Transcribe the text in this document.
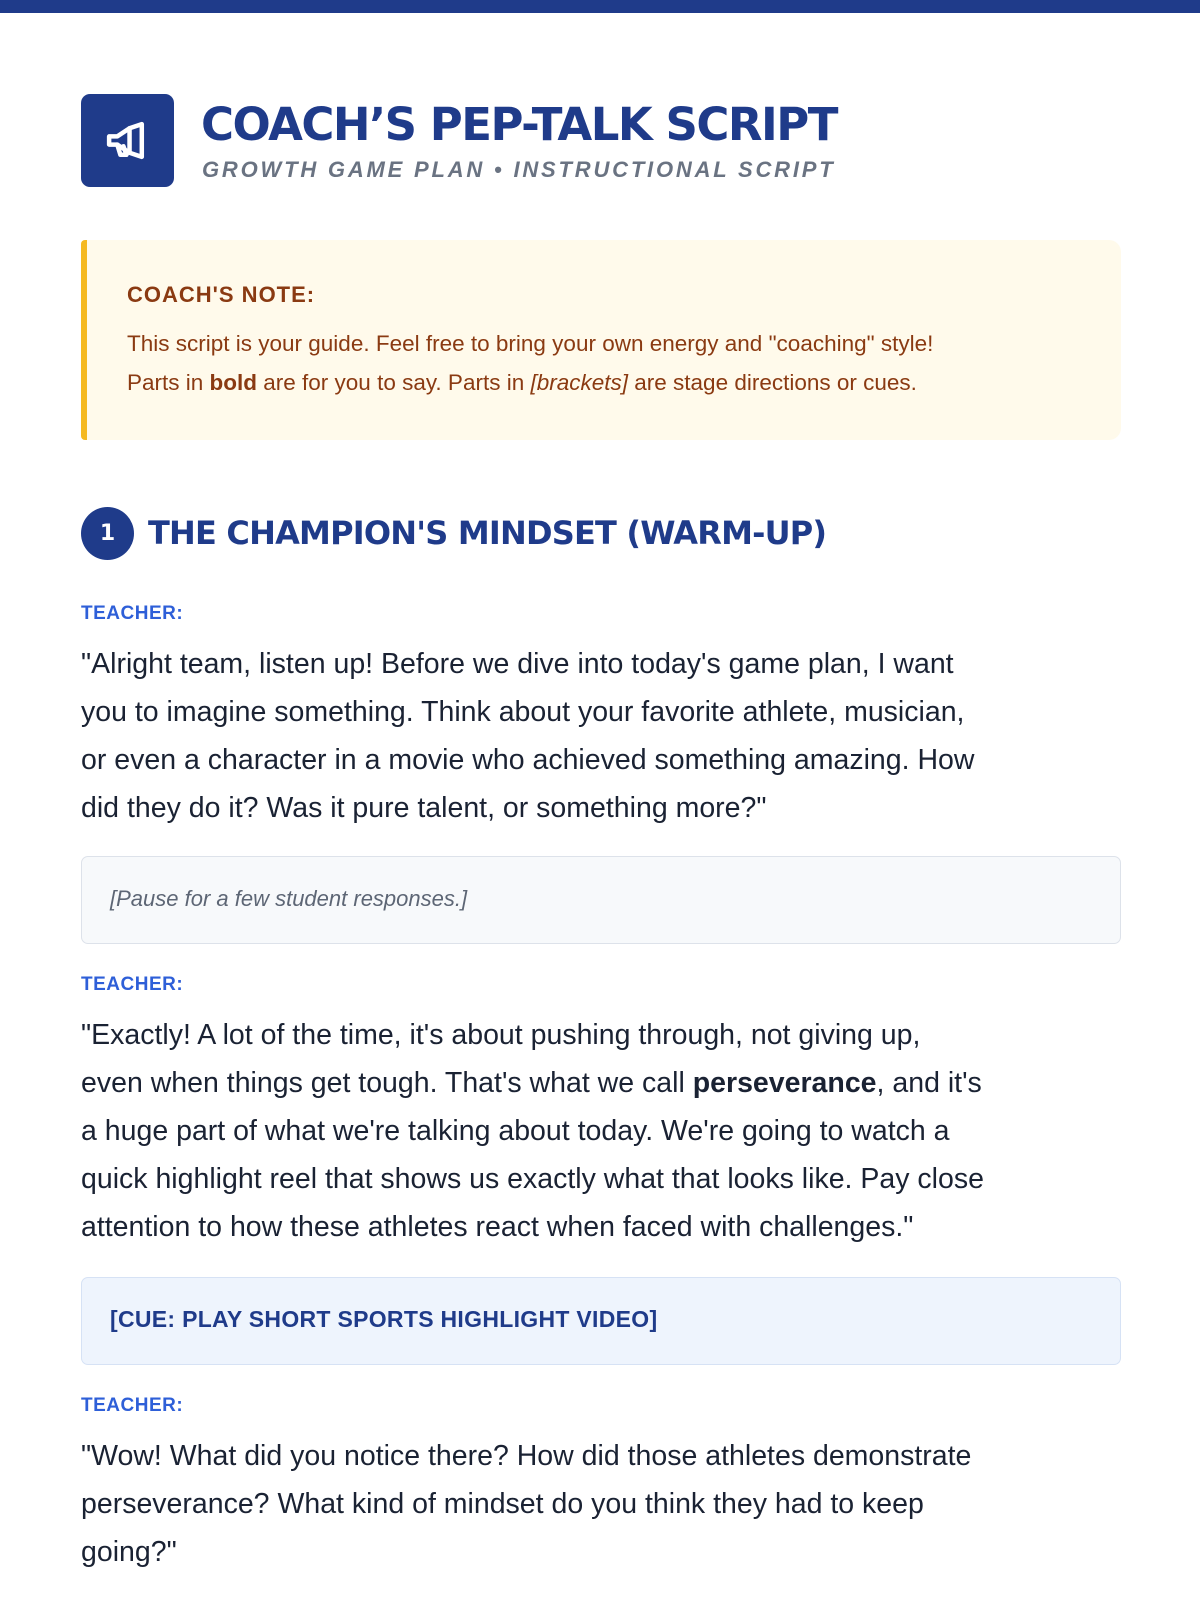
COACH’S PEP-TALK SCRIPT
GROWTH GAME PLAN • INSTRUCTIONAL SCRIPT
COACH'S NOTE:
This script is your guide. Feel free to bring your own energy and "coaching" style!
Parts in bold are for you to say. Parts in [brackets] are stage directions or cues.
1	THE CHAMPION'S MINDSET (WARM-UP)
TEACHER:
"Alright team, listen up! Before we dive into today's game plan, I want
you to imagine something. Think about your favorite athlete, musician,
or even a character in a movie who achieved something amazing. How
did they do it? Was it pure talent, or something more?"
[Pause for a few student responses.]
TEACHER:
"Exactly! A lot of the time, it's about pushing through, not giving up,
even when things get tough. That's what we call perseverance, and it's
a huge part of what we're talking about today. We're going to watch a
quick highlight reel that shows us exactly what that looks like. Pay close
attention to how these athletes react when faced with challenges."
[CUE: PLAY SHORT SPORTS HIGHLIGHT VIDEO]
TEACHER:
"Wow! What did you notice there? How did those athletes demonstrate
perseverance? What kind of mindset do you think they had to keep
going?"
